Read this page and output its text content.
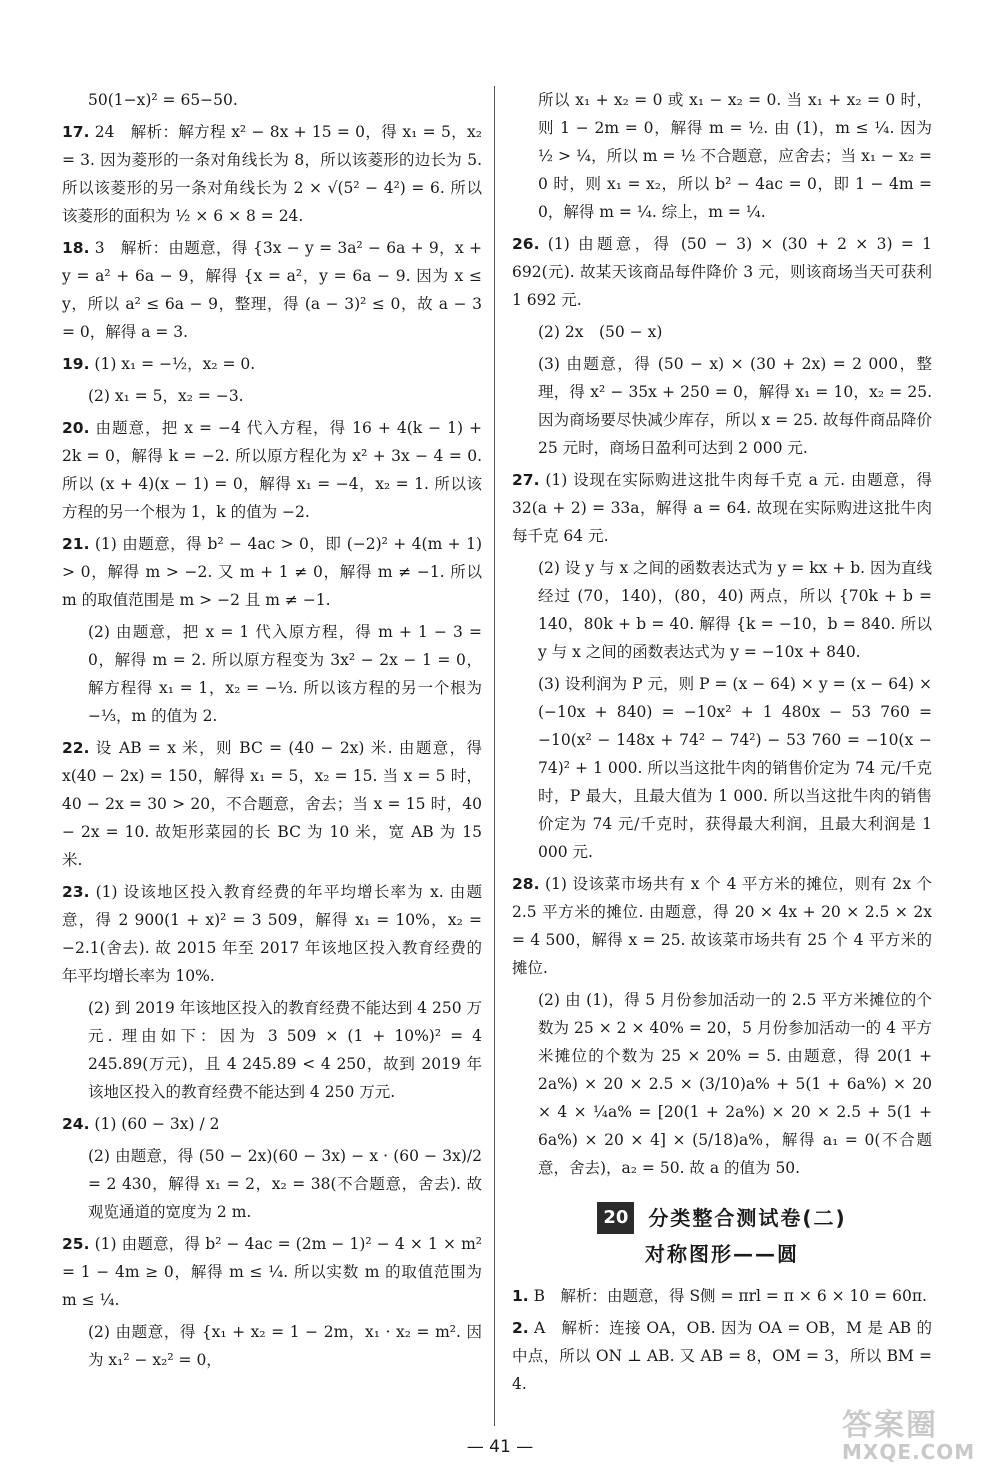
50(1−x)² = 65−50.

17. 24　解析：解方程 x² − 8x + 15 = 0，得 x₁ = 5，x₂ = 3. 因为菱形的一条对角线长为 8，所以该菱形的边长为 5. 所以该菱形的另一条对角线长为 2 × √(5² − 4²) = 6. 所以该菱形的面积为 ½ × 6 × 8 = 24.

18. 3　解析：由题意，得 {3x − y = 3a² − 6a + 9，x + y = a² + 6a − 9，解得 {x = a²，y = 6a − 9. 因为 x ≤ y，所以 a² ≤ 6a − 9，整理，得 (a − 3)² ≤ 0，故 a − 3 = 0，解得 a = 3.

19. (1) x₁ = −½，x₂ = 0.

(2) x₁ = 5，x₂ = −3.

20. 由题意，把 x = −4 代入方程，得 16 + 4(k − 1) + 2k = 0，解得 k = −2. 所以原方程化为 x² + 3x − 4 = 0. 所以 (x + 4)(x − 1) = 0，解得 x₁ = −4，x₂ = 1. 所以该方程的另一个根为 1，k 的值为 −2.

21. (1) 由题意，得 b² − 4ac > 0，即 (−2)² + 4(m + 1) > 0，解得 m > −2. 又 m + 1 ≠ 0，解得 m ≠ −1. 所以 m 的取值范围是 m > −2 且 m ≠ −1.

(2) 由题意，把 x = 1 代入原方程，得 m + 1 − 3 = 0，解得 m = 2. 所以原方程变为 3x² − 2x − 1 = 0，解方程得 x₁ = 1，x₂ = −⅓. 所以该方程的另一个根为 −⅓，m 的值为 2.

22. 设 AB = x 米，则 BC = (40 − 2x) 米. 由题意，得 x(40 − 2x) = 150，解得 x₁ = 5，x₂ = 15. 当 x = 5 时，40 − 2x = 30 > 20，不合题意，舍去；当 x = 15 时，40 − 2x = 10. 故矩形菜园的长 BC 为 10 米，宽 AB 为 15 米.

23. (1) 设该地区投入教育经费的年平均增长率为 x. 由题意，得 2 900(1 + x)² = 3 509，解得 x₁ = 10%，x₂ = −2.1(舍去). 故 2015 年至 2017 年该地区投入教育经费的年平均增长率为 10%.

(2) 到 2019 年该地区投入的教育经费不能达到 4 250 万元. 理由如下：因为 3 509 × (1 + 10%)² = 4 245.89(万元)，且 4 245.89 < 4 250，故到 2019 年该地区投入的教育经费不能达到 4 250 万元.

24. (1) (60 − 3x) / 2

(2) 由题意，得 (50 − 2x)(60 − 3x) − x · (60 − 3x)/2 = 2 430，解得 x₁ = 2，x₂ = 38(不合题意，舍去). 故观览通道的宽度为 2 m.

25. (1) 由题意，得 b² − 4ac = (2m − 1)² − 4 × 1 × m² = 1 − 4m ≥ 0，解得 m ≤ ¼. 所以实数 m 的取值范围为 m ≤ ¼.

(2) 由题意，得 {x₁ + x₂ = 1 − 2m，x₁ · x₂ = m². 因为 x₁² − x₂² = 0，

所以 x₁ + x₂ = 0 或 x₁ − x₂ = 0. 当 x₁ + x₂ = 0 时，则 1 − 2m = 0，解得 m = ½. 由 (1)，m ≤ ¼. 因为 ½ > ¼，所以 m = ½ 不合题意，应舍去；当 x₁ − x₂ = 0 时，则 x₁ = x₂，所以 b² − 4ac = 0，即 1 − 4m = 0，解得 m = ¼. 综上，m = ¼.

26. (1) 由题意，得 (50 − 3) × (30 + 2 × 3) = 1 692(元). 故某天该商品每件降价 3 元，则该商场当天可获利 1 692 元.

(2) 2x　(50 − x)

(3) 由题意，得 (50 − x) × (30 + 2x) = 2 000，整理，得 x² − 35x + 250 = 0，解得 x₁ = 10，x₂ = 25. 因为商场要尽快减少库存，所以 x = 25. 故每件商品降价 25 元时，商场日盈利可达到 2 000 元.

27. (1) 设现在实际购进这批牛肉每千克 a 元. 由题意，得 32(a + 2) = 33a，解得 a = 64. 故现在实际购进这批牛肉每千克 64 元.

(2) 设 y 与 x 之间的函数表达式为 y = kx + b. 因为直线经过 (70，140)，(80，40) 两点，所以 {70k + b = 140，80k + b = 40. 解得 {k = −10，b = 840. 所以 y 与 x 之间的函数表达式为 y = −10x + 840.

(3) 设利润为 P 元，则 P = (x − 64) × y = (x − 64) × (−10x + 840) = −10x² + 1 480x − 53 760 = −10(x² − 148x + 74² − 74²) − 53 760 = −10(x − 74)² + 1 000. 所以当这批牛肉的销售价定为 74 元/千克时，P 最大，且最大值为 1 000. 所以当这批牛肉的销售价定为 74 元/千克时，获得最大利润，且最大利润是 1 000 元.

28. (1) 设该菜市场共有 x 个 4 平方米的摊位，则有 2x 个 2.5 平方米的摊位. 由题意，得 20 × 4x + 20 × 2.5 × 2x = 4 500，解得 x = 25. 故该菜市场共有 25 个 4 平方米的摊位.

(2) 由 (1)，得 5 月份参加活动一的 2.5 平方米摊位的个数为 25 × 2 × 40% = 20，5 月份参加活动一的 4 平方米摊位的个数为 25 × 20% = 5. 由题意，得 20(1 + 2a%) × 20 × 2.5 × (3/10)a% + 5(1 + 6a%) × 20 × 4 × ¼a% = [20(1 + 2a%) × 20 × 2.5 + 5(1 + 6a%) × 20 × 4] × (5/18)a%，解得 a₁ = 0(不合题意，舍去)，a₂ = 50. 故 a 的值为 50.

20	分类整合测试卷(二)
对称图形——圆

1. B　解析：由题意，得 S侧 = πrl = π × 6 × 10 = 60π.

2. A　解析：连接 OA，OB. 因为 OA = OB，M 是 AB 的中点，所以 ON ⊥ AB. 又 AB = 8，OM = 3，所以 BM = 4.

— 41 —
答案圈
MXQE.COM
